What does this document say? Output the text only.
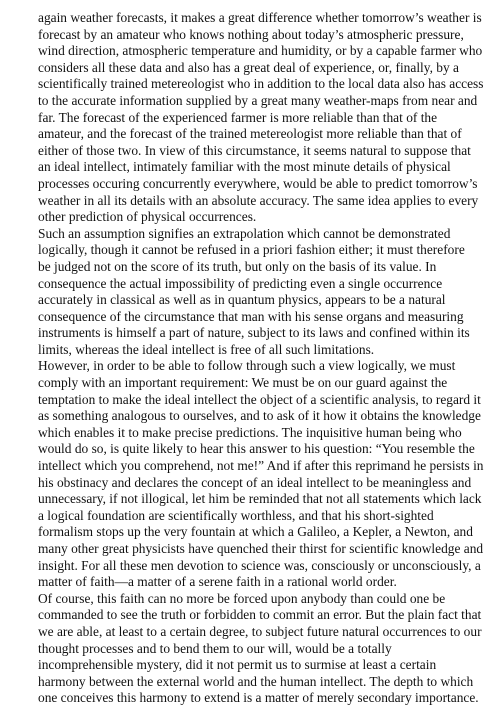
again weather forecasts, it makes a great difference whether tomorrow’s weather is
forecast by an amateur who knows nothing about today’s atmospheric pressure,
wind direction, atmospheric temperature and humidity, or by a capable farmer who
considers all these data and also has a great deal of experience, or, finally, by a
scientifically trained metereologist who in addition to the local data also has access
to the accurate information supplied by a great many weather-maps from near and
far. The forecast of the experienced farmer is more reliable than that of the
amateur, and the forecast of the trained metereologist more reliable than that of
either of those two. In view of this circumstance, it seems natural to suppose that
an ideal intellect, intimately familiar with the most minute details of physical
processes occuring concurrently everywhere, would be able to predict tomorrow’s
weather in all its details with an absolute accuracy. The same idea applies to every
other prediction of physical occurrences.
Such an assumption signifies an extrapolation which cannot be demonstrated
logically, though it cannot be refused in a priori fashion either; it must therefore
be judged not on the score of its truth, but only on the basis of its value. In
consequence the actual impossibility of predicting even a single occurrence
accurately in classical as well as in quantum physics, appears to be a natural
consequence of the circumstance that man with his sense organs and measuring
instruments is himself a part of nature, subject to its laws and confined within its
limits, whereas the ideal intellect is free of all such limitations.
However, in order to be able to follow through such a view logically, we must
comply with an important requirement: We must be on our guard against the
temptation to make the ideal intellect the object of a scientific analysis, to regard it
as something analogous to ourselves, and to ask of it how it obtains the knowledge
which enables it to make precise predictions. The inquisitive human being who
would do so, is quite likely to hear this answer to his question: “You resemble the
intellect which you comprehend, not me!” And if after this reprimand he persists in
his obstinacy and declares the concept of an ideal intellect to be meaningless and
unnecessary, if not illogical, let him be reminded that not all statements which lack
a logical foundation are scientifically worthless, and that his short-sighted
formalism stops up the very fountain at which a Galileo, a Kepler, a Newton, and
many other great physicists have quenched their thirst for scientific knowledge and
insight. For all these men devotion to science was, consciously or unconsciously, a
matter of faith—a matter of a serene faith in a rational world order.
Of course, this faith can no more be forced upon anybody than could one be
commanded to see the truth or forbidden to commit an error. But the plain fact that
we are able, at least to a certain degree, to subject future natural occurrences to our
thought processes and to bend them to our will, would be a totally
incomprehensible mystery, did it not permit us to surmise at least a certain
harmony between the external world and the human intellect. The depth to which
one conceives this harmony to extend is a matter of merely secondary importance.
